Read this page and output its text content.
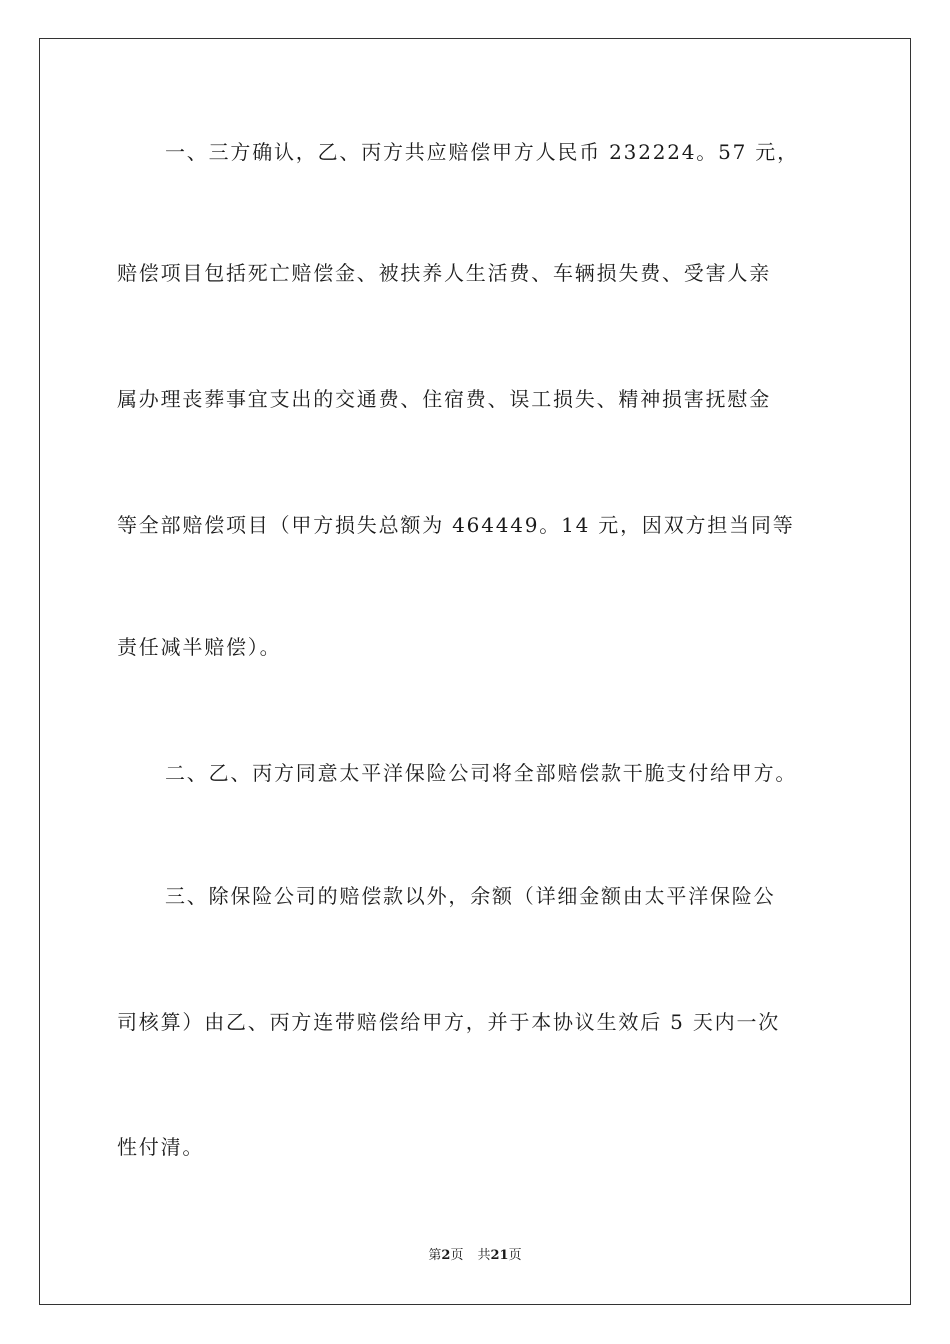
一、三方确认，乙、丙方共应赔偿甲方人民币 232224。57 元，
赔偿项目包括死亡赔偿金、被扶养人生活费、车辆损失费、受害人亲
属办理丧葬事宜支出的交通费、住宿费、误工损失、精神损害抚慰金
等全部赔偿项目（甲方损失总额为 464449。14 元，因双方担当同等
责任减半赔偿）。
二、乙、丙方同意太平洋保险公司将全部赔偿款干脆支付给甲方。
三、除保险公司的赔偿款以外，余额（详细金额由太平洋保险公
司核算）由乙、丙方连带赔偿给甲方，并于本协议生效后 5 天内一次
性付清。
第2页 共21页
